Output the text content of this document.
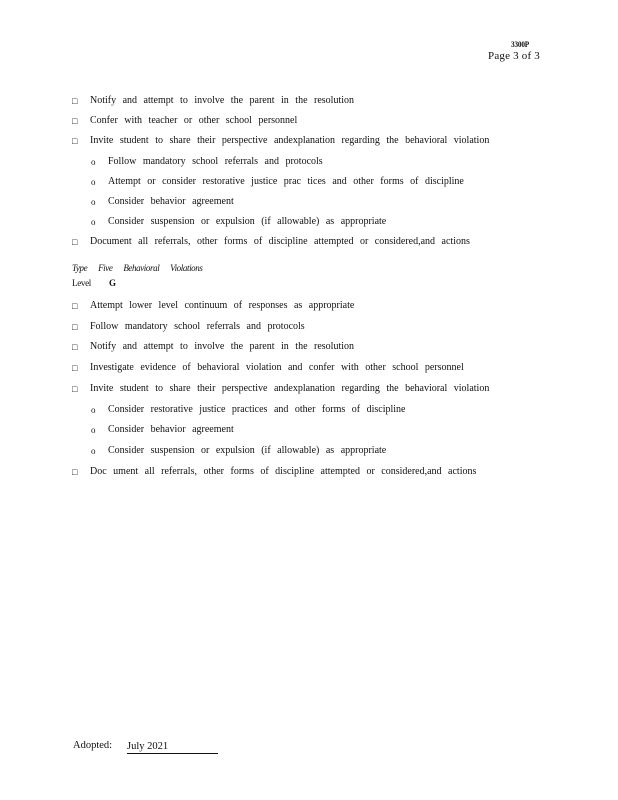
3300P
Page 3 of 3
□ Notify and attempt to involve the parent in the resolution
□ Confer with teacher or other school personnel
□ Invite student to share their perspective andexplanation regarding the behavioral violation
o Follow mandatory school referrals and protocols
o Attempt or consider restorative justice prac tices and other forms of discipline
o Consider behavior agreement
o Consider suspension or expulsion (if allowable) as appropriate
□ Document all referrals, other forms of discipline attempted or considered,and actions
Type Five Behavioral Violations
Level G
□ Attempt lower level continuum of responses as appropriate
□ Follow mandatory school referrals and protocols
□ Notify and attempt to involve the parent in the resolution
□ Investigate evidence of behavioral violation and confer with other school personnel
□ Invite student to share their perspective andexplanation regarding the behavioral violation
o Consider restorative justice practices and other forms of discipline
o Consider behavior agreement
o Consider suspension or expulsion (if allowable) as appropriate
□ Doc ument all referrals, other forms of discipline attempted or considered,and actions
Adopted: July 2021
